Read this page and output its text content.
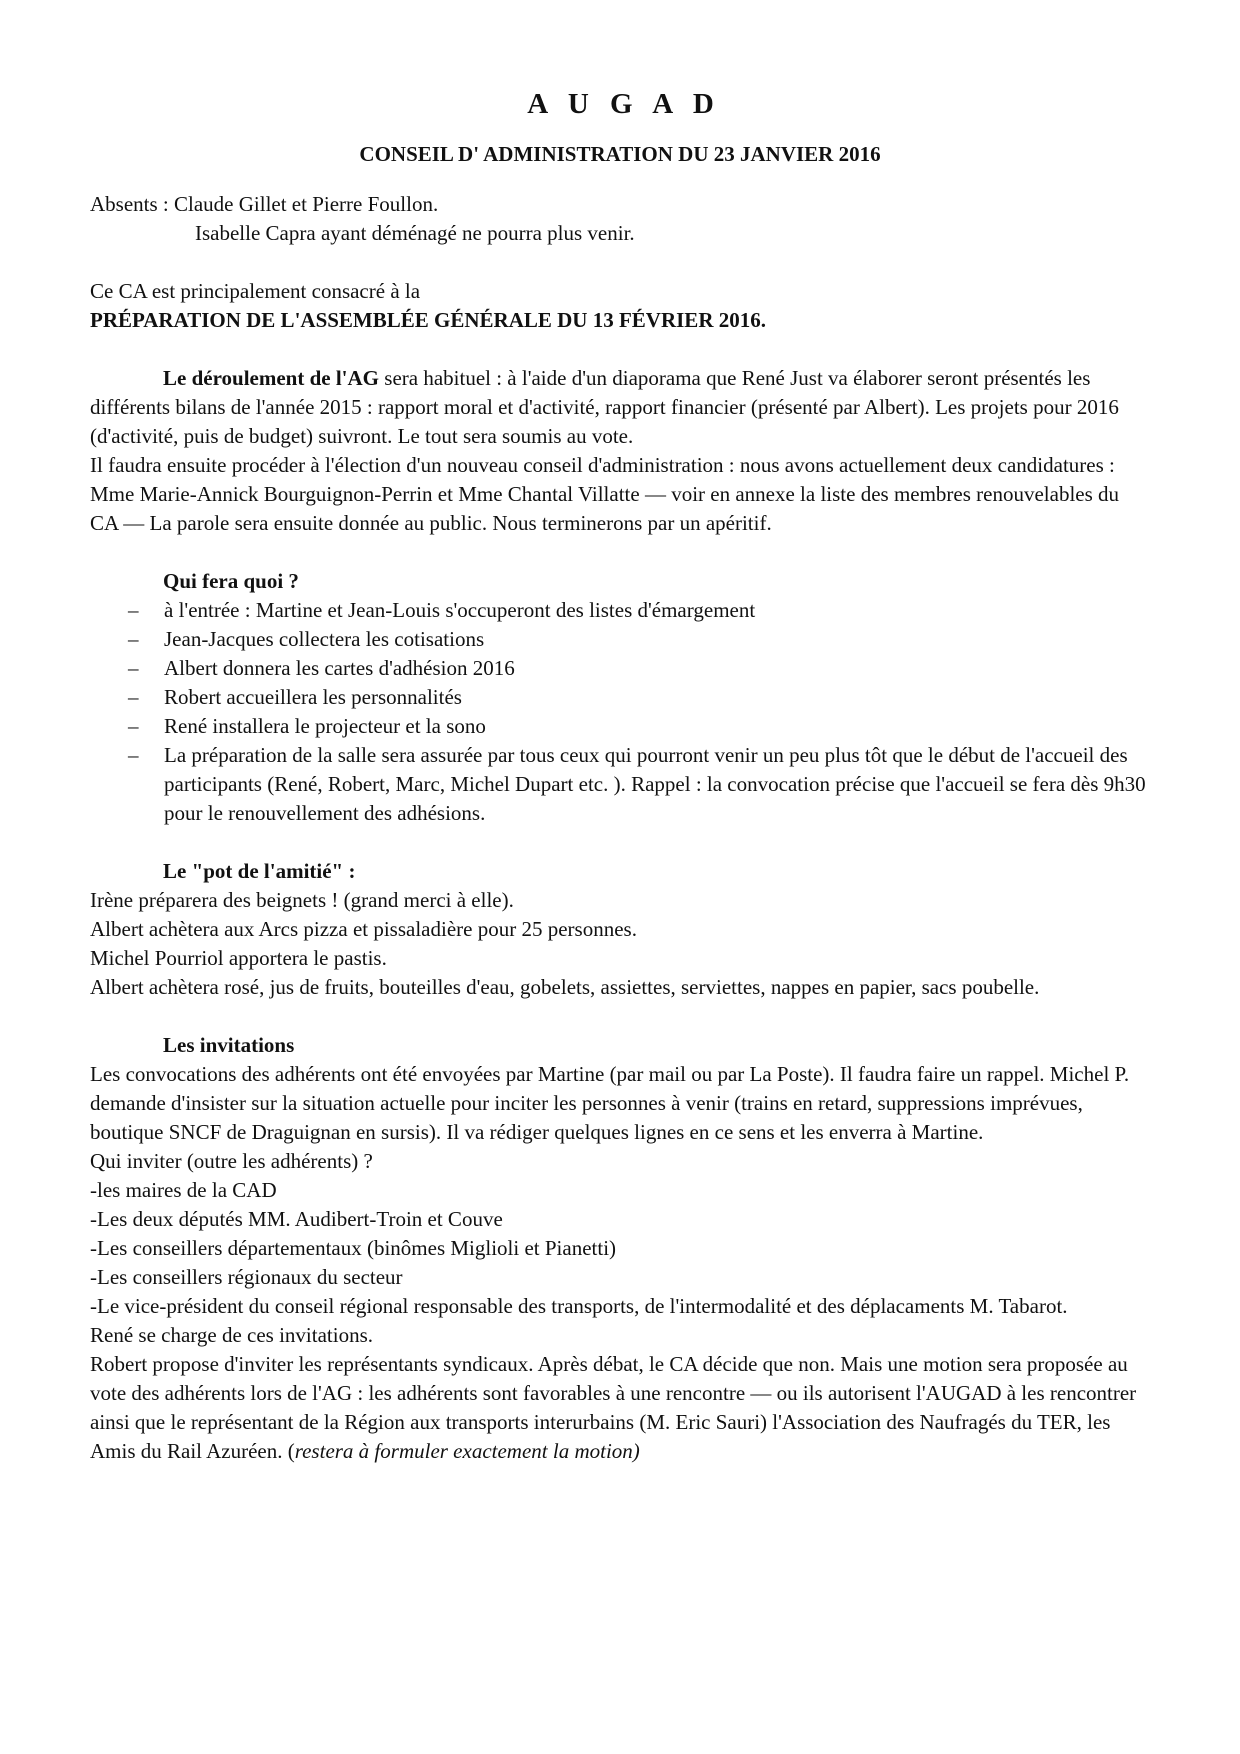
A U G A D
CONSEIL D' ADMINISTRATION DU 23 JANVIER 2016

Absents : Claude Gillet et Pierre Foullon.

Isabelle Capra ayant déménagé ne pourra plus venir.

Ce CA est principalement consacré à la

PRÉPARATION DE L'ASSEMBLÉE GÉNÉRALE DU 13 FÉVRIER 2016.

Le déroulement de l'AG sera habituel : à l'aide d'un diaporama que René Just va élaborer seront présentés les différents bilans de l'année 2015 : rapport moral et d'activité, rapport financier (présenté par Albert). Les projets pour 2016 (d'activité, puis de budget) suivront. Le tout sera soumis au vote.

Il faudra ensuite procéder à l'élection d'un nouveau conseil d'administration : nous avons actuellement deux candidatures : Mme Marie-Annick Bourguignon-Perrin et Mme Chantal Villatte — voir en annexe la liste des membres renouvelables du CA — La parole sera ensuite donnée au public. Nous terminerons par un apéritif.

Qui fera quoi ?

– à l'entrée : Martine et Jean-Louis s'occuperont des listes d'émargement
– Jean-Jacques collectera les cotisations
– Albert donnera les cartes d'adhésion 2016
– Robert accueillera les personnalités
– René installera le projecteur et la sono
– La préparation de la salle sera assurée par tous ceux qui pourront venir un peu plus tôt que le début de l'accueil des participants (René, Robert, Marc, Michel Dupart etc. ). Rappel : la convocation précise que l'accueil se fera dès 9h30 pour le renouvellement des adhésions.

Le "pot de l'amitié" :

Irène préparera des beignets ! (grand merci à elle).

Albert achètera aux Arcs pizza et pissaladière pour 25 personnes.

Michel Pourriol apportera le pastis.

Albert achètera rosé, jus de fruits, bouteilles d'eau, gobelets, assiettes, serviettes, nappes en papier, sacs poubelle.

Les invitations

Les convocations des adhérents ont été envoyées par Martine (par mail ou par La Poste). Il faudra faire un rappel. Michel P. demande d'insister sur la situation actuelle pour inciter les personnes à venir (trains en retard, suppressions imprévues, boutique SNCF de Draguignan en sursis). Il va rédiger quelques lignes en ce sens et les enverra à Martine.

Qui inviter (outre les adhérents) ?

-les maires de la CAD

-Les deux députés MM. Audibert-Troin et Couve

-Les conseillers départementaux (binômes Miglioli et Pianetti)

-Les conseillers régionaux du secteur

-Le vice-président du conseil régional responsable des transports, de l'intermodalité et des déplacaments M. Tabarot.

René se charge de ces invitations.

Robert propose d'inviter les représentants syndicaux. Après débat, le CA décide que non. Mais une motion sera proposée au vote des adhérents lors de l'AG : les adhérents sont favorables à une rencontre — ou ils autorisent l'AUGAD à les rencontrer ainsi que le représentant de la Région aux transports interurbains (M. Eric Sauri) l'Association des Naufragés du TER, les Amis du Rail Azuréen. (restera à formuler exactement la motion)
